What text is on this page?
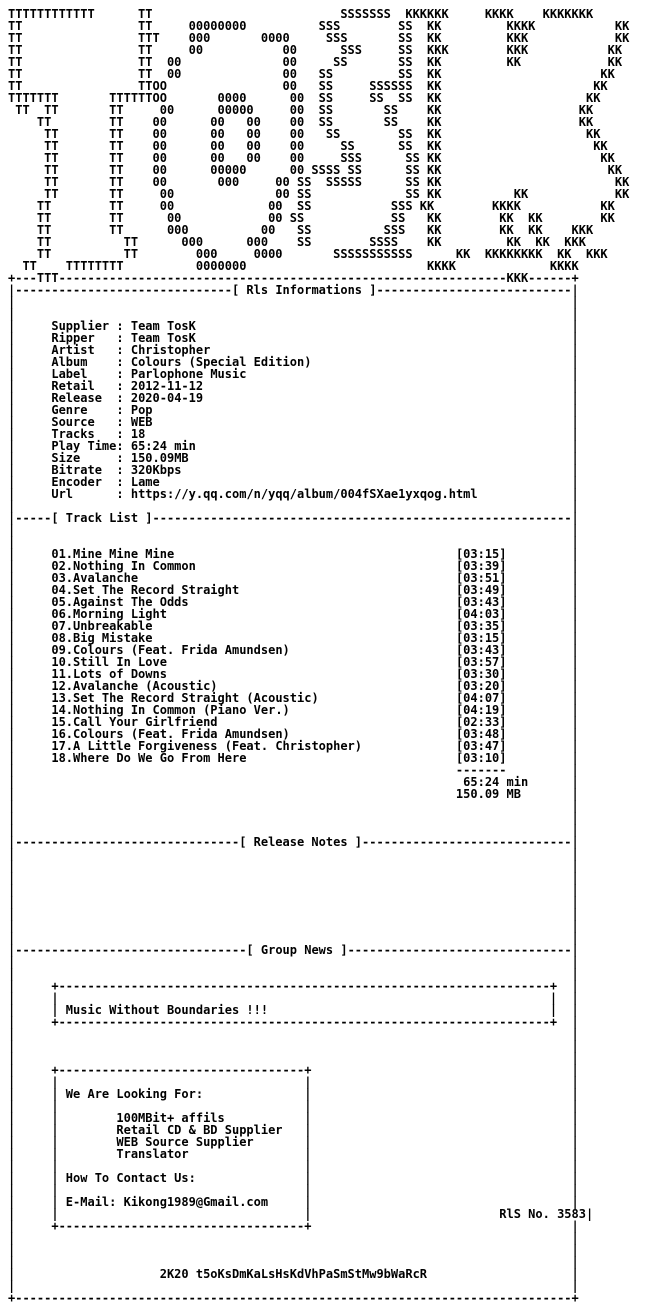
TTTTTTTTTTTT      TT                          SSSSSSS  KKKKKK     KKKK    KKKKKKK
TT                TT     00000000          SSS        SS  KK         KKKK           KK
TT                TTT    000       0000     SSS       SS  KK         KKK            KK
TT                TT     00           00      SSS     SS  KKK        KKK           KK
TT                TT  00              00     SS       SS  KK         KK            KK
TT                TT  00              00   SS         SS  KK                      KK
TT                TTOO                00   SS     SSSSSS  KK                     KK
TTTTTTT       TTTTTTOO       0000      00  SS     SS  SS  KK                    KK
TT  TT       TT     00      00000     00  SS       SS    KK                   KK
TT        TT    00      00   00    00  SS       SS    KK                   KK
TT       TT    00      00   00    00   SS        SS  KK                    KK
TT       TT    00      00   00    00     SS      SS  KK                     KK
TT       TT    00      00   00    00     SSS      SS KK                      KK
TT       TT    00      00000      00 SSSS SS      SS KK                       KK
TT       TT    00       000     00 SS  SSSSS      SS KK                        KK
TT       TT     00              00 SS             SS KK          KK            KK
TT        TT     00             00  SS           SSS KK        KKKK           KK
TT        TT      00            00 SS            SS   KK        KK  KK        KK
TT        TT      000          00   SS          SSS   KK        KK  KK    KKK
TT          TT      000      000    SS        SSSS    KK         KK  KK  KKK
TT          TT        000     0000       SSSSSSSSSSS      KK  KKKKKKKK  KK  KKK
TT    TTTTTTTT          0000000                         KKKK             KKKK
+---TTT--------------------------------------------------------------KKK------+
|------------------------------[ Rls Informations ]---------------------------|
|                                                                             |
|                                                                             |
|     Supplier : Team TosK                                                    |
|     Ripper   : Team TosK                                                    |
|     Artist   : Christopher                                                  |
|     Album    : Colours (Special Edition)                                    |
|     Label    : Parlophone Music                                             |
|     Retail   : 2012-11-12                                                   |
|     Release  : 2020-04-19                                                   |
|     Genre    : Pop                                                          |
|     Source   : WEB                                                          |
|     Tracks   : 18                                                           |
|     Play Time: 65:24 min                                                    |
|     Size     : 150.09MB                                                     |
|     Bitrate  : 320Kbps                                                      |
|     Encoder  : Lame                                                         |
|     Url      : https://y.qq.com/n/yqq/album/004fSXae1yxqog.html             |
|                                                                             |
|-----[ Track List ]----------------------------------------------------------|
|                                                                             |
|                                                                             |
|     01.Mine Mine Mine	[03:15]         |
|     02.Nothing In Common	[03:39]         |
|     03.Avalanche	[03:51]         |
|     04.Set The Record Straight	[03:49]         |
|     05.Against The Odds	[03:43]         |
|     06.Morning Light	[04:03]         |
|     07.Unbreakable	[03:35]         |
|     08.Big Mistake	[03:15]         |
|     09.Colours (Feat. Frida Amundsen)	[03:43]         |
|     10.Still In Love	[03:57]         |
|     11.Lots of Downs	[03:30]         |
|     12.Avalanche (Acoustic)	[03:20]         |
|     13.Set The Record Straight (Acoustic)	[04:07]         |
|     14.Nothing In Common (Piano Ver.)	[04:19]         |
|     15.Call Your Girlfriend	[02:33]         |
|     16.Colours (Feat. Frida Amundsen)	[03:48]         |
|     17.A Little Forgiveness (Feat. Christopher)	[03:47]         |
|     18.Where Do We Go From Here	[03:10]         |
|                                                             -------         |
|                                                              65:24 min      |
|                                                             150.09 MB       |
|                                                                             |
|                                                                             |
|                                                                             |
|-------------------------------[ Release Notes ]-----------------------------|
|                                                                             |
|                                                                             |
|                                                                             |
|                                                                             |
|                                                                             |
|                                                                             |
|                                                                             |
|                                                                             |
|--------------------------------[ Group News ]-------------------------------|
|                                                                             |
|                                                                             |
|     +--------------------------------------------------------------------+  |
|     |                                                                    |  |
|     | Music Without Boundaries !!!                                       |  |
|     +--------------------------------------------------------------------+  |
|                                                                             |
|                                                                             |
|                                                                             |
|     +----------------------------------+                                    |
|     |                                  |                                    |
|     | We Are Looking For:              |                                    |
|     |                                  |                                    |
|     |        100MBit+ affils           |                                    |
|     |        Retail CD & BD Supplier   |                                    |
|     |        WEB Source Supplier       |                                    |
|     |        Translator                |                                    |
|     |                                  |                                    |
|     | How To Contact Us:               |                                    |
|     |                                  |                                    |
|     | E-Mail: Kikong1989@Gmail.com     |                                    |
|     |                                  |                          RlS No. 3583|
|     +----------------------------------+                                    |
|                                                                             |
|                                                                             |
|                                                                             |
|                    2K20 t5oKsDmKaLsHsKdVhPaSmStMw9bWaRcR                    |
|                                                                             |
+-----------------------------------------------------------------------------+
